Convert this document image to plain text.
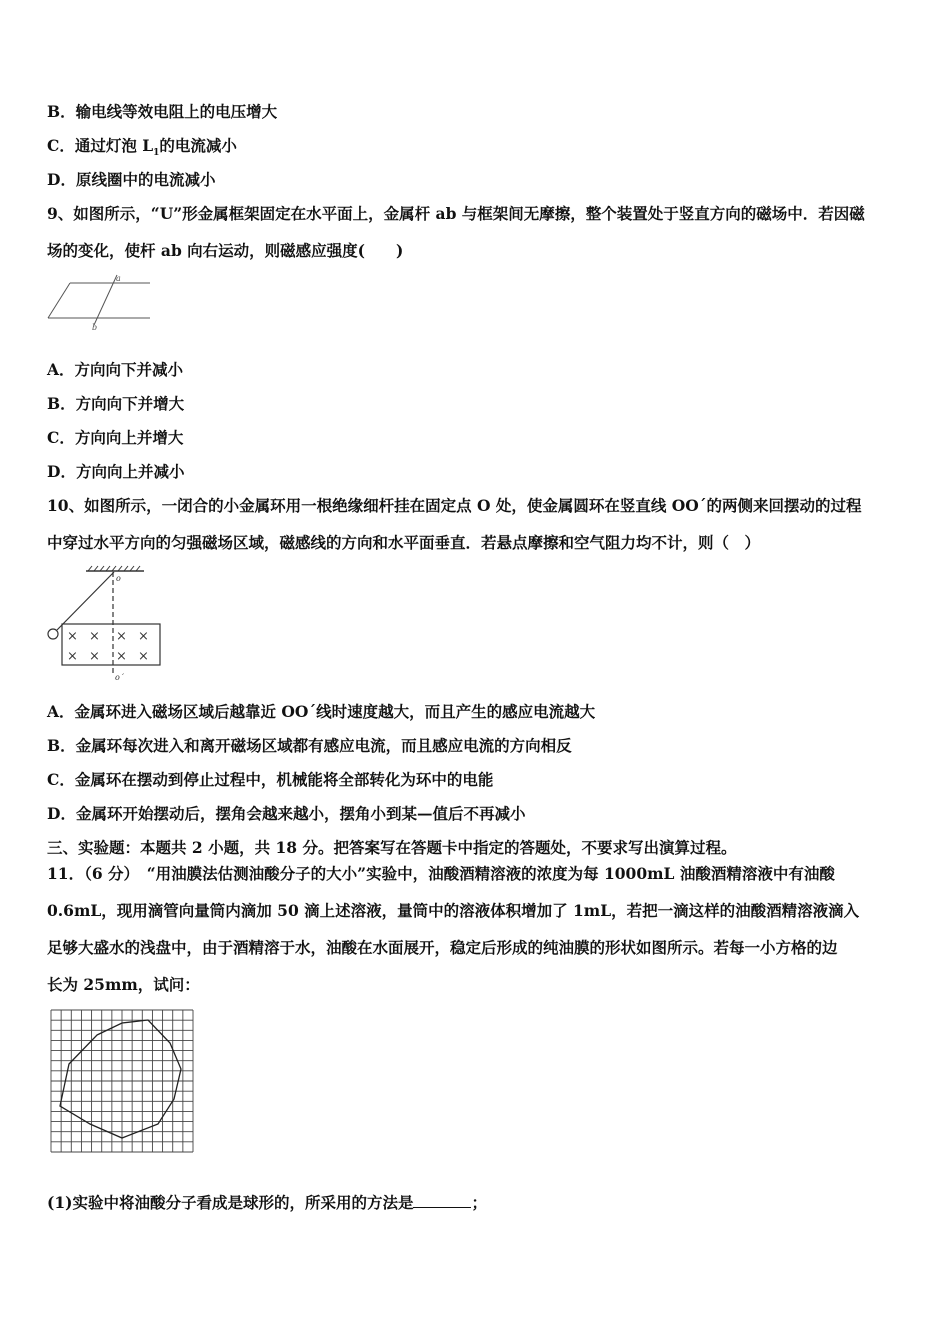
B．输电线等效电阻上的电压增大
C．通过灯泡 $L_1$的电流减小
D．原线圈中的电流减小
9、如图所示，“U”形金属框架固定在水平面上，金属杆 ab 与框架间无摩擦，整个装置处于竖直方向的磁场中．若因磁
场的变化，使杆 ab 向右运动，则磁感应强度(　　)
a
b
A．方向向下并减小
B．方向向下并增大
C．方向向上并增大
D．方向向上并减小
10、如图所示，一闭合的小金属环用一根绝缘细杆挂在固定点 O 处，使金属圆环在竖直线 OO´的两侧来回摆动的过程
中穿过水平方向的匀强磁场区域，磁感线的方向和水平面垂直．若悬点摩擦和空气阻力均不计，则（　）
o
× × × ×
× × × ×
o´
A．金属环进入磁场区域后越靠近 OO´线时速度越大，而且产生的感应电流越大
B．金属环每次进入和离开磁场区域都有感应电流，而且感应电流的方向相反
C．金属环在摆动到停止过程中，机械能将全部转化为环中的电能
D．金属环开始摆动后，摆角会越来越小，摆角小到某—值后不再减小
三、实验题：本题共 2 小题，共 18 分。把答案写在答题卡中指定的答题处，不要求写出演算过程。
11．（6 分）　“用油膜法估测油酸分子的大小”实验中，油酸酒精溶液的浓度为每 1000mL 油酸酒精溶液中有油酸
0.6mL，现用滴管向量筒内滴加 50 滴上述溶液，量筒中的溶液体积增加了 1mL，若把一滴这样的油酸酒精溶液滴入
足够大盛水的浅盘中，由于酒精溶于水，油酸在水面展开，稳定后形成的纯油膜的形状如图所示。若每一小方格的边
长为 25mm，试问：
(1)实验中将油酸分子看成是球形的，所采用的方法是	；
